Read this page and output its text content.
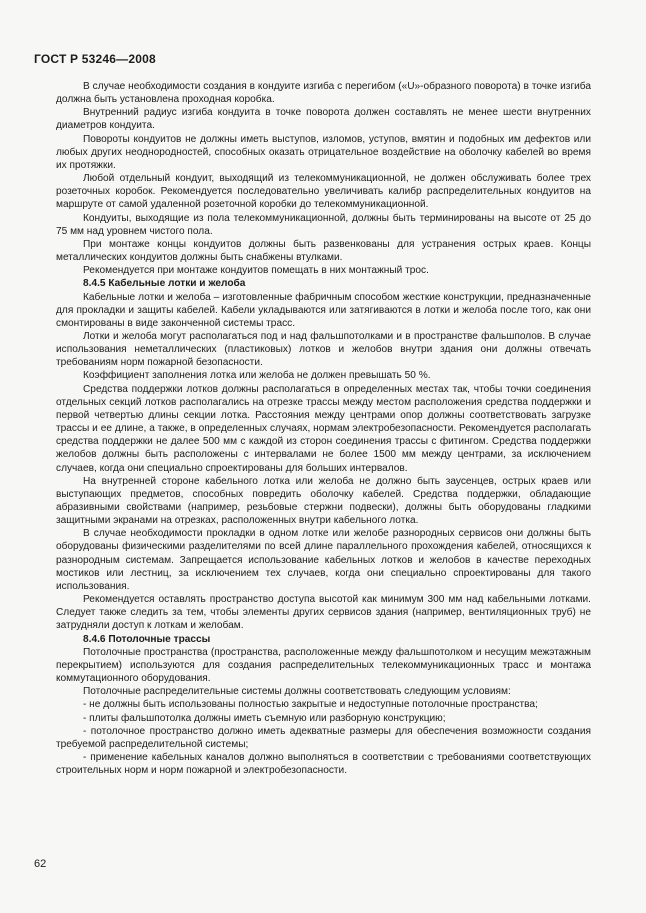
ГОСТ Р 53246—2008

В случае необходимости создания в кондуите изгиба с перегибом («U»-образного поворота) в точке изгиба должна быть установлена проходная коробка.

Внутренний радиус изгиба кондуита в точке поворота должен составлять не менее шести внутренних диаметров кондуита.

Повороты кондуитов не должны иметь выступов, изломов, уступов, вмятин и подобных им дефектов или любых других неоднородностей, способных оказать отрицательное воздействие на оболочку кабелей во время их протяжки.

Любой отдельный кондуит, выходящий из телекоммуникационной, не должен обслуживать более трех розеточных коробок. Рекомендуется последовательно увеличивать калибр распределительных кондуитов на маршруте от самой удаленной розеточной коробки до телекоммуникационной.

Кондуиты, выходящие из пола телекоммуникационной, должны быть терминированы на высоте от 25 до 75 мм над уровнем чистого пола.

При монтаже концы кондуитов должны быть развенкованы для устранения острых краев. Концы металлических кондуитов должны быть снабжены втулками.

Рекомендуется при монтаже кондуитов помещать в них монтажный трос.

8.4.5 Кабельные лотки и желоба

Кабельные лотки и желоба – изготовленные фабричным способом жесткие конструкции, предназначенные для прокладки и защиты кабелей. Кабели укладываются или затягиваются в лотки и желоба после того, как они смонтированы в виде законченной системы трасс.

Лотки и желоба могут располагаться под и над фальшпотолками и в пространстве фальшполов. В случае использования неметаллических (пластиковых) лотков и желобов внутри здания они должны отвечать требованиям норм пожарной безопасности.

Коэффициент заполнения лотка или желоба не должен превышать 50 %.

Средства поддержки лотков должны располагаться в определенных местах так, чтобы точки соединения отдельных секций лотков располагались на отрезке трассы между местом расположения средства поддержки и первой четвертью длины секции лотка. Расстояния между центрами опор должны соответствовать загрузке трассы и ее длине, а также, в определенных случаях, нормам электробезопасности. Рекомендуется располагать средства поддержки не далее 500 мм с каждой из сторон соединения трассы с фитингом. Средства поддержки желобов должны быть расположены с интервалами не более 1500 мм между центрами, за исключением случаев, когда они специально спроектированы для больших интервалов.

На внутренней стороне кабельного лотка или желоба не должно быть заусенцев, острых краев или выступающих предметов, способных повредить оболочку кабелей. Средства поддержки, обладающие абразивными свойствами (например, резьбовые стержни подвески), должны быть оборудованы гладкими защитными экранами на отрезках, расположенных внутри кабельного лотка.

В случае необходимости прокладки в одном лотке или желобе разнородных сервисов они должны быть оборудованы физическими разделителями по всей длине параллельного прохождения кабелей, относящихся к разнородным системам. Запрещается использование кабельных лотков и желобов в качестве переходных мостиков или лестниц, за исключением тех случаев, когда они специально спроектированы для такого использования.

Рекомендуется оставлять пространство доступа высотой как минимум 300 мм над кабельными лотками. Следует также следить за тем, чтобы элементы других сервисов здания (например, вентиляционных труб) не затрудняли доступ к лоткам и желобам.

8.4.6 Потолочные трассы

Потолочные пространства (пространства, расположенные между фальшпотолком и несущим межэтажным перекрытием) используются для создания распределительных телекоммуникационных трасс и монтажа коммутационного оборудования.

Потолочные распределительные системы должны соответствовать следующим условиям:

- не должны быть использованы полностью закрытые и недоступные потолочные пространства;

- плиты фальшпотолка должны иметь съемную или разборную конструкцию;

- потолочное пространство должно иметь адекватные размеры для обеспечения возможности создания требуемой распределительной системы;

- применение кабельных каналов должно выполняться в соответствии с требованиями соответствующих строительных норм и норм пожарной и электробезопасности.

62
